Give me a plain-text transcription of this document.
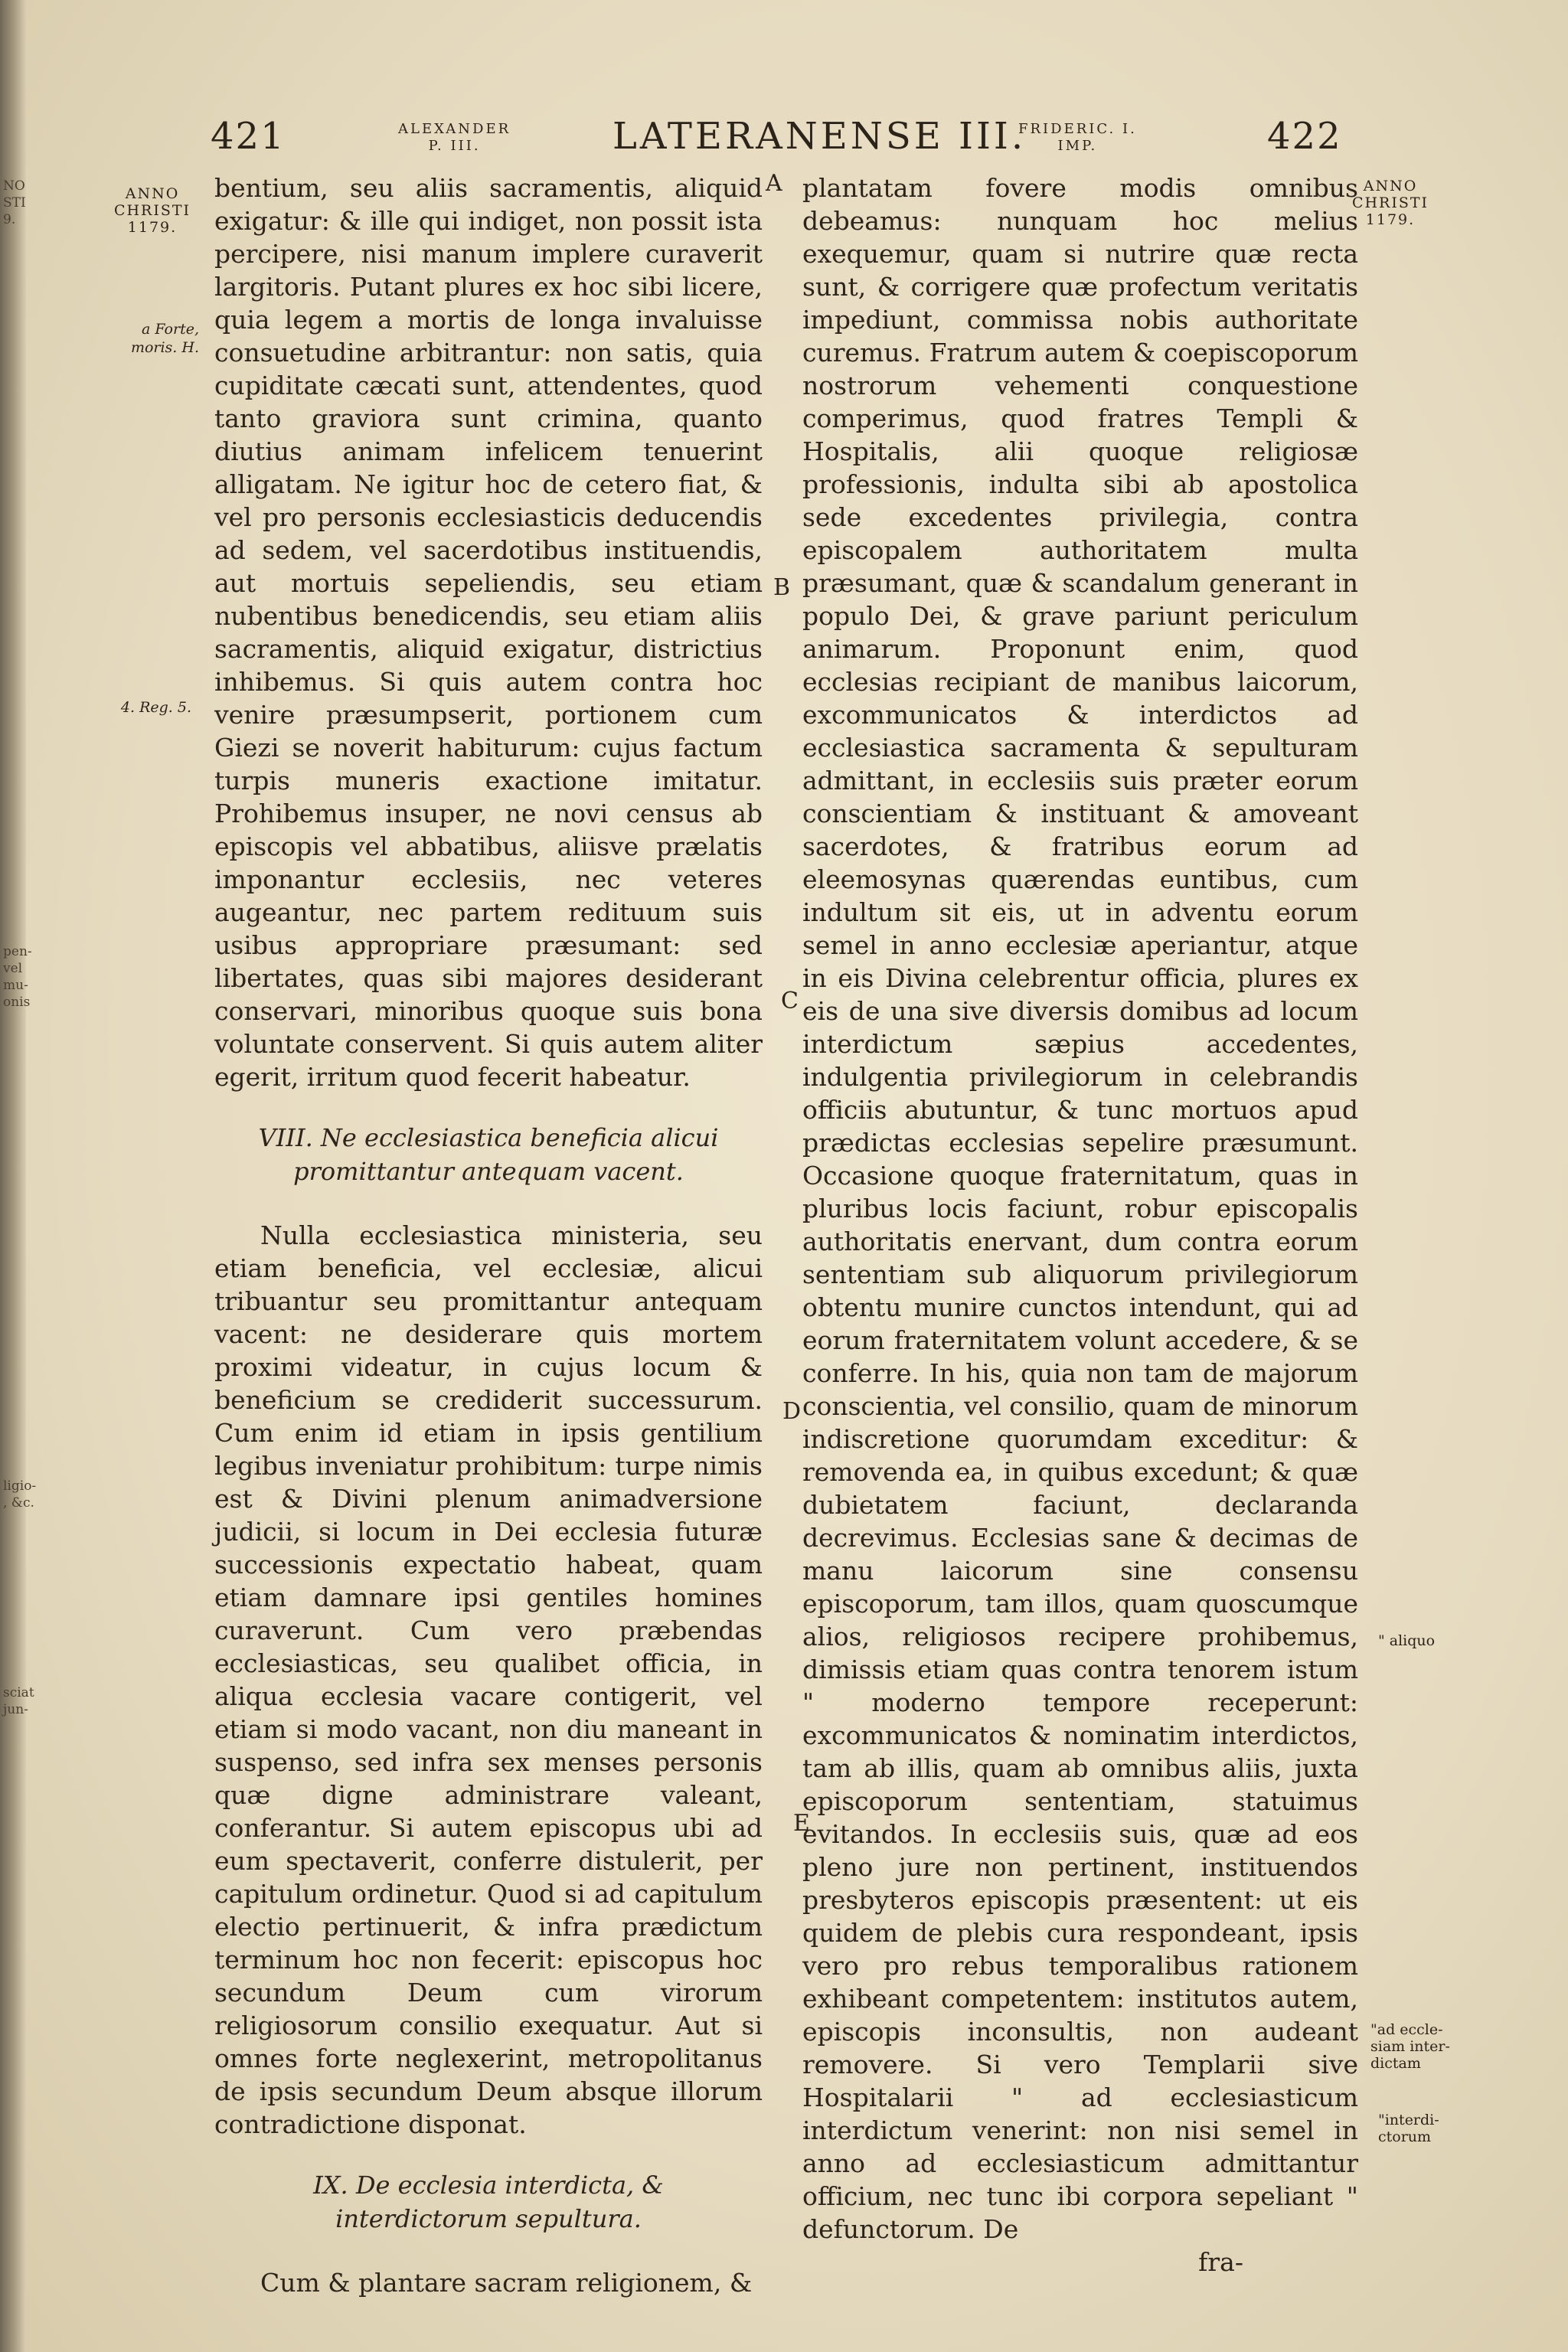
NO STI 9.
pen- vel mu- onis
ligio- , &c.
sciat jun-
421	ALEXANDER
P. III.	LATERANENSE III.
FRIDERIC. I.
IMP.	422
ANNO
CHRISTI
1179.
ANNO
CHRISTI
1179.
a Forte,
moris. H.
4. Reg. 5.
" aliquo
"ad eccle-
siam inter-
dictam
"interdi-
ctorum
A
B
C
D
E

bentium, seu aliis sacramentis, aliquid exigatur: & ille qui indiget, non possit ista percipere, nisi manum implere curaverit largitoris. Putant plures ex hoc sibi licere, quia legem a mortis de longa invaluisse consuetudine arbitrantur: non satis, quia cupiditate cæcati sunt, attendentes, quod tanto graviora sunt crimina, quanto diutius animam infelicem tenuerint alligatam. Ne igitur hoc de cetero fiat, & vel pro personis ecclesiasticis deducendis ad sedem, vel sacerdotibus instituendis, aut mortuis sepeliendis, seu etiam nubentibus benedicendis, seu etiam aliis sacramentis, aliquid exigatur, districtius inhibemus. Si quis autem contra hoc venire præsumpserit, portionem cum Giezi se noverit habiturum: cujus factum turpis muneris exactione imitatur. Prohibemus insuper, ne novi census ab episcopis vel abbatibus, aliisve prælatis imponantur ecclesiis, nec veteres augeantur, nec partem redituum suis usibus appropriare præsumant: sed libertates, quas sibi majores desiderant conservari, minoribus quoque suis bona voluntate conservent. Si quis autem aliter egerit, irritum quod fecerit habeatur.

VIII. Ne ecclesiastica beneficia alicui promittantur antequam vacent.

Nulla ecclesiastica ministeria, seu etiam beneficia, vel ecclesiæ, alicui tribuantur seu promittantur antequam vacent: ne desiderare quis mortem proximi videatur, in cujus locum & beneficium se crediderit successurum. Cum enim id etiam in ipsis gentilium legibus inveniatur prohibitum: turpe nimis est & Divini plenum animadversione judicii, si locum in Dei ecclesia futuræ successionis expectatio habeat, quam etiam damnare ipsi gentiles homines curaverunt. Cum vero præbendas ecclesiasticas, seu qualibet officia, in aliqua ecclesia vacare contigerit, vel etiam si modo vacant, non diu maneant in suspenso, sed infra sex menses personis quæ digne administrare valeant, conferantur. Si autem episcopus ubi ad eum spectaverit, conferre distulerit, per capitulum ordinetur. Quod si ad capitulum electio pertinuerit, & infra prædictum terminum hoc non fecerit: episcopus hoc secundum Deum cum virorum religiosorum consilio exequatur. Aut si omnes forte neglexerint, metropolitanus de ipsis secundum Deum absque illorum contradictione disponat.

IX. De ecclesia interdicta, & interdictorum sepultura.

Cum & plantare sacram religionem, &

plantatam fovere modis omnibus debeamus: nunquam hoc melius exequemur, quam si nutrire quæ recta sunt, & corrigere quæ profectum veritatis impediunt, commissa nobis authoritate curemus. Fratrum autem & coepiscoporum nostrorum vehementi conquestione comperimus, quod fratres Templi & Hospitalis, alii quoque religiosæ professionis, indulta sibi ab apostolica sede excedentes privilegia, contra episcopalem authoritatem multa præsumant, quæ & scandalum generant in populo Dei, & grave pariunt periculum animarum. Proponunt enim, quod ecclesias recipiant de manibus laicorum, excommunicatos & interdictos ad ecclesiastica sacramenta & sepulturam admittant, in ecclesiis suis præter eorum conscientiam & instituant & amoveant sacerdotes, & fratribus eorum ad eleemosynas quærendas euntibus, cum indultum sit eis, ut in adventu eorum semel in anno ecclesiæ aperiantur, atque in eis Divina celebrentur officia, plures ex eis de una sive diversis domibus ad locum interdictum sæpius accedentes, indulgentia privilegiorum in celebrandis officiis abutuntur, & tunc mortuos apud prædictas ecclesias sepelire præsumunt. Occasione quoque fraternitatum, quas in pluribus locis faciunt, robur episcopalis authoritatis enervant, dum contra eorum sententiam sub aliquorum privilegiorum obtentu munire cunctos intendunt, qui ad eorum fraternitatem volunt accedere, & se conferre. In his, quia non tam de majorum conscientia, vel consilio, quam de minorum indiscretione quorumdam exceditur: & removenda ea, in quibus excedunt; & quæ dubietatem faciunt, declaranda decrevimus. Ecclesias sane & decimas de manu laicorum sine consensu episcoporum, tam illos, quam quoscumque alios, religiosos recipere prohibemus, dimissis etiam quas contra tenorem istum " moderno tempore receperunt: excommunicatos & nominatim interdictos, tam ab illis, quam ab omnibus aliis, juxta episcoporum sententiam, statuimus evitandos. In ecclesiis suis, quæ ad eos pleno jure non pertinent, instituendos presbyteros episcopis præsentent: ut eis quidem de plebis cura respondeant, ipsis vero pro rebus temporalibus rationem exhibeant competentem: institutos autem, episcopis inconsultis, non audeant removere. Si vero Templarii sive Hospitalarii " ad ecclesiasticum interdictum venerint: non nisi semel in anno ad ecclesiasticum admittantur officium, nec tunc ibi corpora sepeliant " defunctorum. De

fra-
